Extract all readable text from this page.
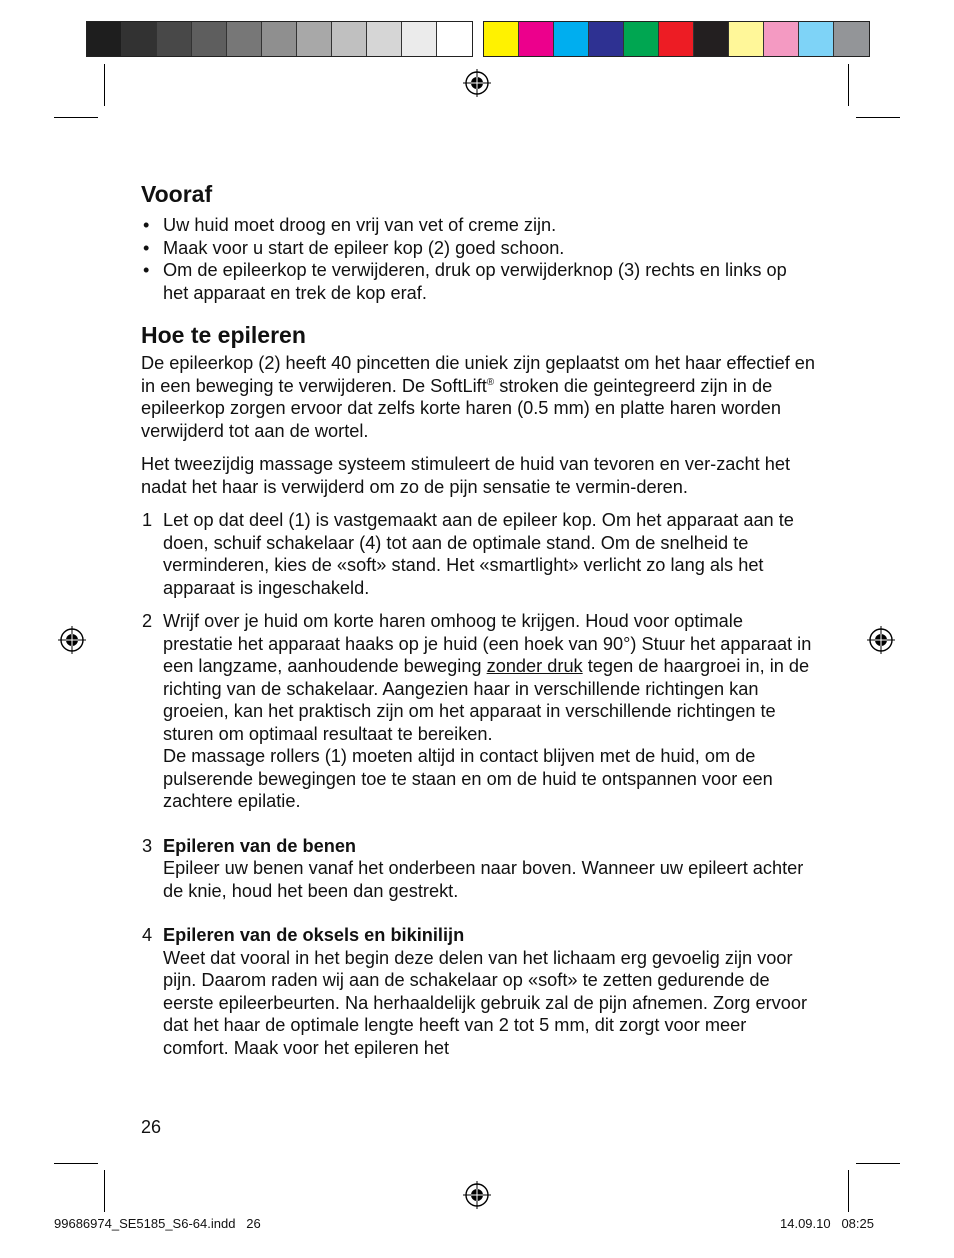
Vooraf
• Uw huid moet droog en vrij van vet of creme zijn.
• Maak voor u start de epileer kop (2) goed schoon.
• Om de epileerkop te verwijderen, druk op verwijderknop (3) rechts en links op het apparaat en trek de kop eraf.
Hoe te epileren

De epileerkop (2) heeft 40 pincetten die uniek zijn geplaatst om het haar effectief en in een beweging te verwijderen. De SoftLift® stroken die geintegreerd zijn in de epileerkop zorgen ervoor dat zelfs korte haren (0.5 mm) en platte haren worden verwijderd tot aan de wortel.

Het tweezijdig massage systeem stimuleert de huid van tevoren en ver-zacht het nadat het haar is verwijderd om zo de pijn sensatie te vermin-deren.

1 Let op dat deel (1) is vastgemaakt aan de epileer kop. Om het apparaat aan te doen, schuif schakelaar (4) tot aan de optimale stand. Om de snelheid te verminderen, kies de «soft» stand. Het «smartlight» verlicht zo lang als het apparaat is ingeschakeld.
2 Wrijf over je huid om korte haren omhoog te krijgen. Houd voor optimale prestatie het apparaat haaks op je huid (een hoek van 90°) Stuur het apparaat in een langzame, aanhoudende beweging zonder druk tegen de haargroei in, in de richting van de schakelaar. Aangezien haar in verschillende richtingen kan groeien, kan het praktisch zijn om het apparaat in verschillende richtingen te sturen om optimaal resultaat te bereiken.
De massage rollers (1) moeten altijd in contact blijven met de huid, om de pulserende bewegingen toe te staan en om de huid te ontspannen voor een zachtere epilatie.
3 Epileren van de benen
Epileer uw benen vanaf het onderbeen naar boven. Wanneer uw epileert achter de knie, houd het been dan gestrekt.
4 Epileren van de oksels en bikinilijn
Weet dat vooral in het begin deze delen van het lichaam erg gevoelig zijn voor pijn. Daarom raden wij aan de schakelaar op «soft» te zetten gedurende de eerste epileerbeurten. Na herhaaldelijk gebruik zal de pijn afnemen. Zorg ervoor dat het haar de optimale lengte heeft van 2 tot 5 mm, dit zorgt voor meer comfort. Maak voor het epileren het
26
99686974_SE5185_S6-64.indd   26	14.09.10   08:25
